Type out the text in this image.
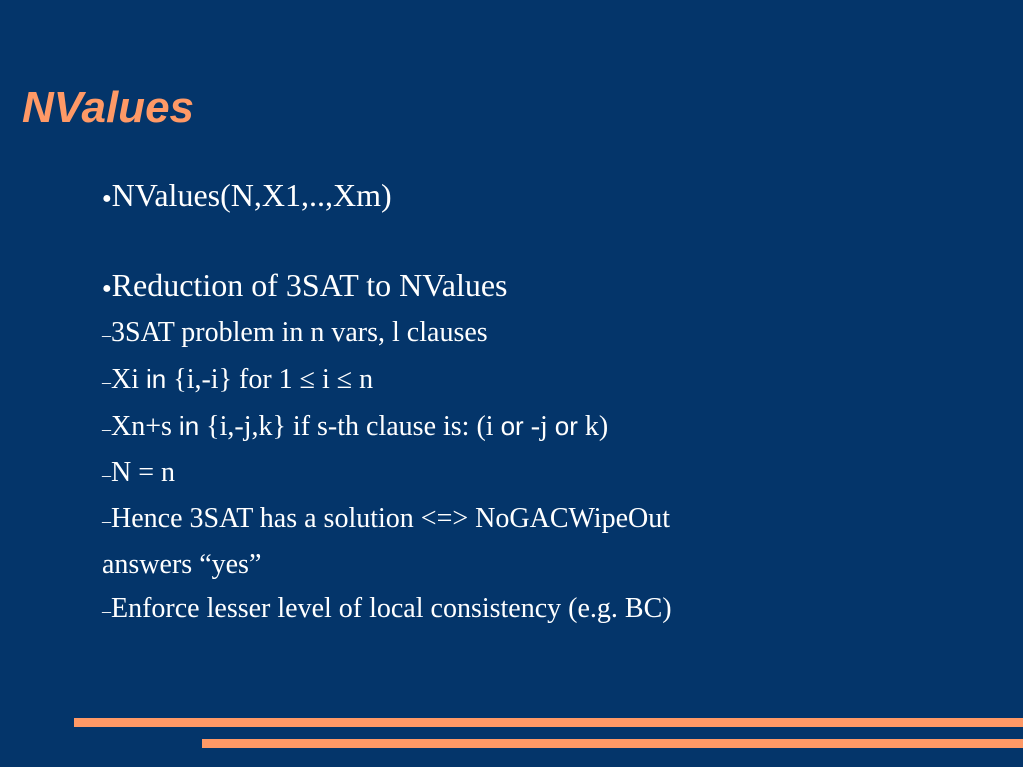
NValues

●NValues(N,X1,..,Xm)

●Reduction of 3SAT to NValues

–3SAT problem in n vars, l clauses

–Xi in {i,-i} for 1 ≤ i ≤ n

–Xn+s in {i,-j,k} if s-th clause is: (i or -j or k)

–N = n

–Hence 3SAT has a solution <=> NoGACWipeOut

answers “yes”

–Enforce lesser level of local consistency (e.g. BC)
